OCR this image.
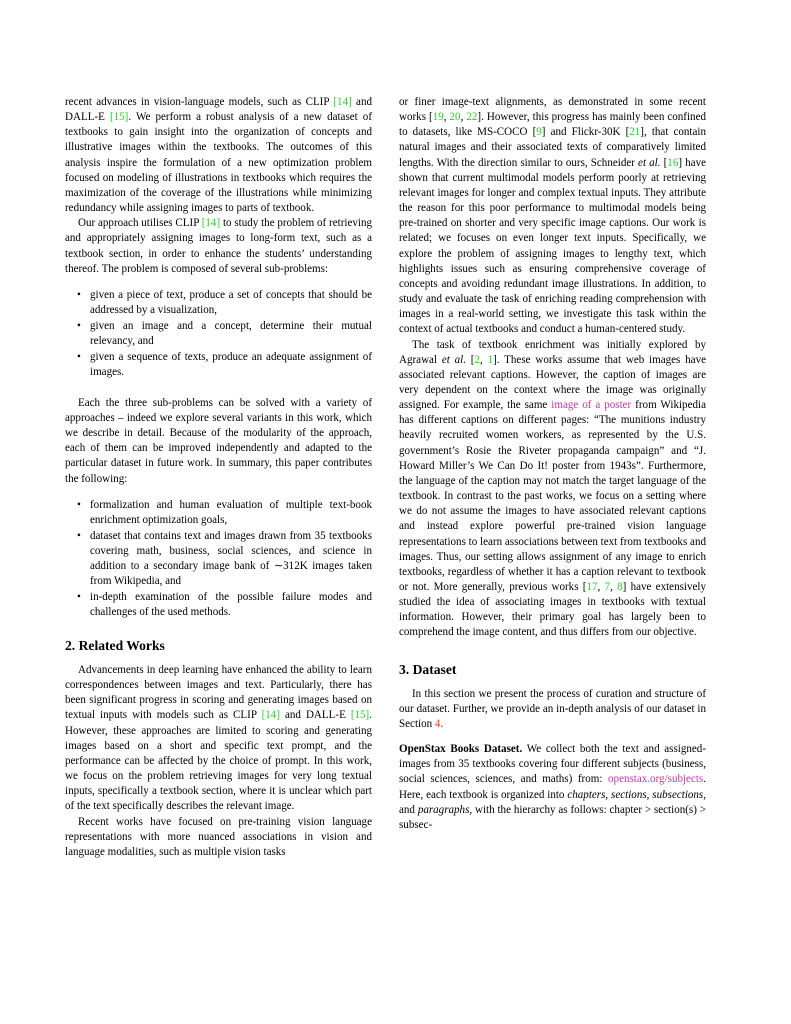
recent advances in vision-language models, such as CLIP [14] and DALL-E [15]. We perform a robust analysis of a new dataset of textbooks to gain insight into the organization of concepts and illustrative images within the textbooks. The outcomes of this analysis inspire the formulation of a new optimization problem focused on modeling of illustrations in textbooks which requires the maximization of the coverage of the illustrations while minimizing redundancy while assigning images to parts of textbook.

Our approach utilises CLIP [14] to study the problem of retrieving and appropriately assigning images to long-form text, such as a textbook section, in order to enhance the students’ understanding thereof. The problem is composed of several sub-problems:

• given a piece of text, produce a set of concepts that should be addressed by a visualization,
• given an image and a concept, determine their mutual relevancy, and
• given a sequence of texts, produce an adequate assignment of images.

Each the three sub-problems can be solved with a variety of approaches – indeed we explore several variants in this work, which we describe in detail. Because of the modularity of the approach, each of them can be improved independently and adapted to the particular dataset in future work. In summary, this paper contributes the following:

• formalization and human evaluation of multiple text-book enrichment optimization goals,
• dataset that contains text and images drawn from 35 textbooks covering math, business, social sciences, and science in addition to a secondary image bank of ∼312K images taken from Wikipedia, and
• in-depth examination of the possible failure modes and challenges of the used methods.
2. Related Works

Advancements in deep learning have enhanced the ability to learn correspondences between images and text. Particularly, there has been significant progress in scoring and generating images based on textual inputs with models such as CLIP [14] and DALL-E [15]. However, these approaches are limited to scoring and generating images based on a short and specific text prompt, and the performance can be affected by the choice of prompt. In this work, we focus on the problem retrieving images for very long textual inputs, specifically a textbook section, where it is unclear which part of the text specifically describes the relevant image.

Recent works have focused on pre-training vision language representations with more nuanced associations in vision and language modalities, such as multiple vision tasks

or finer image-text alignments, as demonstrated in some recent works [19, 20, 22]. However, this progress has mainly been confined to datasets, like MS-COCO [9] and Flickr-30K [21], that contain natural images and their associated texts of comparatively limited lengths. With the direction similar to ours, Schneider et al. [16] have shown that current multimodal models perform poorly at retrieving relevant images for longer and complex textual inputs. They attribute the reason for this poor performance to multimodal models being pre-trained on shorter and very specific image captions. Our work is related; we focuses on even longer text inputs. Specifically, we explore the problem of assigning images to lengthy text, which highlights issues such as ensuring comprehensive coverage of concepts and avoiding redundant image illustrations. In addition, to study and evaluate the task of enriching reading comprehension with images in a real-world setting, we investigate this task within the context of actual textbooks and conduct a human-centered study.

The task of textbook enrichment was initially explored by Agrawal et al. [2, 1]. These works assume that web images have associated relevant captions. However, the caption of images are very dependent on the context where the image was originally assigned. For example, the same image of a poster from Wikipedia has different captions on different pages: “The munitions industry heavily recruited women workers, as represented by the U.S. government’s Rosie the Riveter propaganda campaign” and “J. Howard Miller’s We Can Do It! poster from 1943s”. Furthermore, the language of the caption may not match the target language of the textbook. In contrast to the past works, we focus on a setting where we do not assume the images to have associated relevant captions and instead explore powerful pre-trained vision language representations to learn associations between text from textbooks and images. Thus, our setting allows assignment of any image to enrich textbooks, regardless of whether it has a caption relevant to textbook or not. More generally, previous works [17, 7, 8] have extensively studied the idea of associating images in textbooks with textual information. However, their primary goal has largely been to comprehend the image content, and thus differs from our objective.

3. Dataset

In this section we present the process of curation and structure of our dataset. Further, we provide an in-depth analysis of our dataset in Section 4.

OpenStax Books Dataset. We collect both the text and assigned-images from 35 textbooks covering four different subjects (business, social sciences, sciences, and maths) from: openstax.org/subjects. Here, each textbook is organized into chapters, sections, subsections, and paragraphs, with the hierarchy as follows: chapter > section(s) > subsec-
